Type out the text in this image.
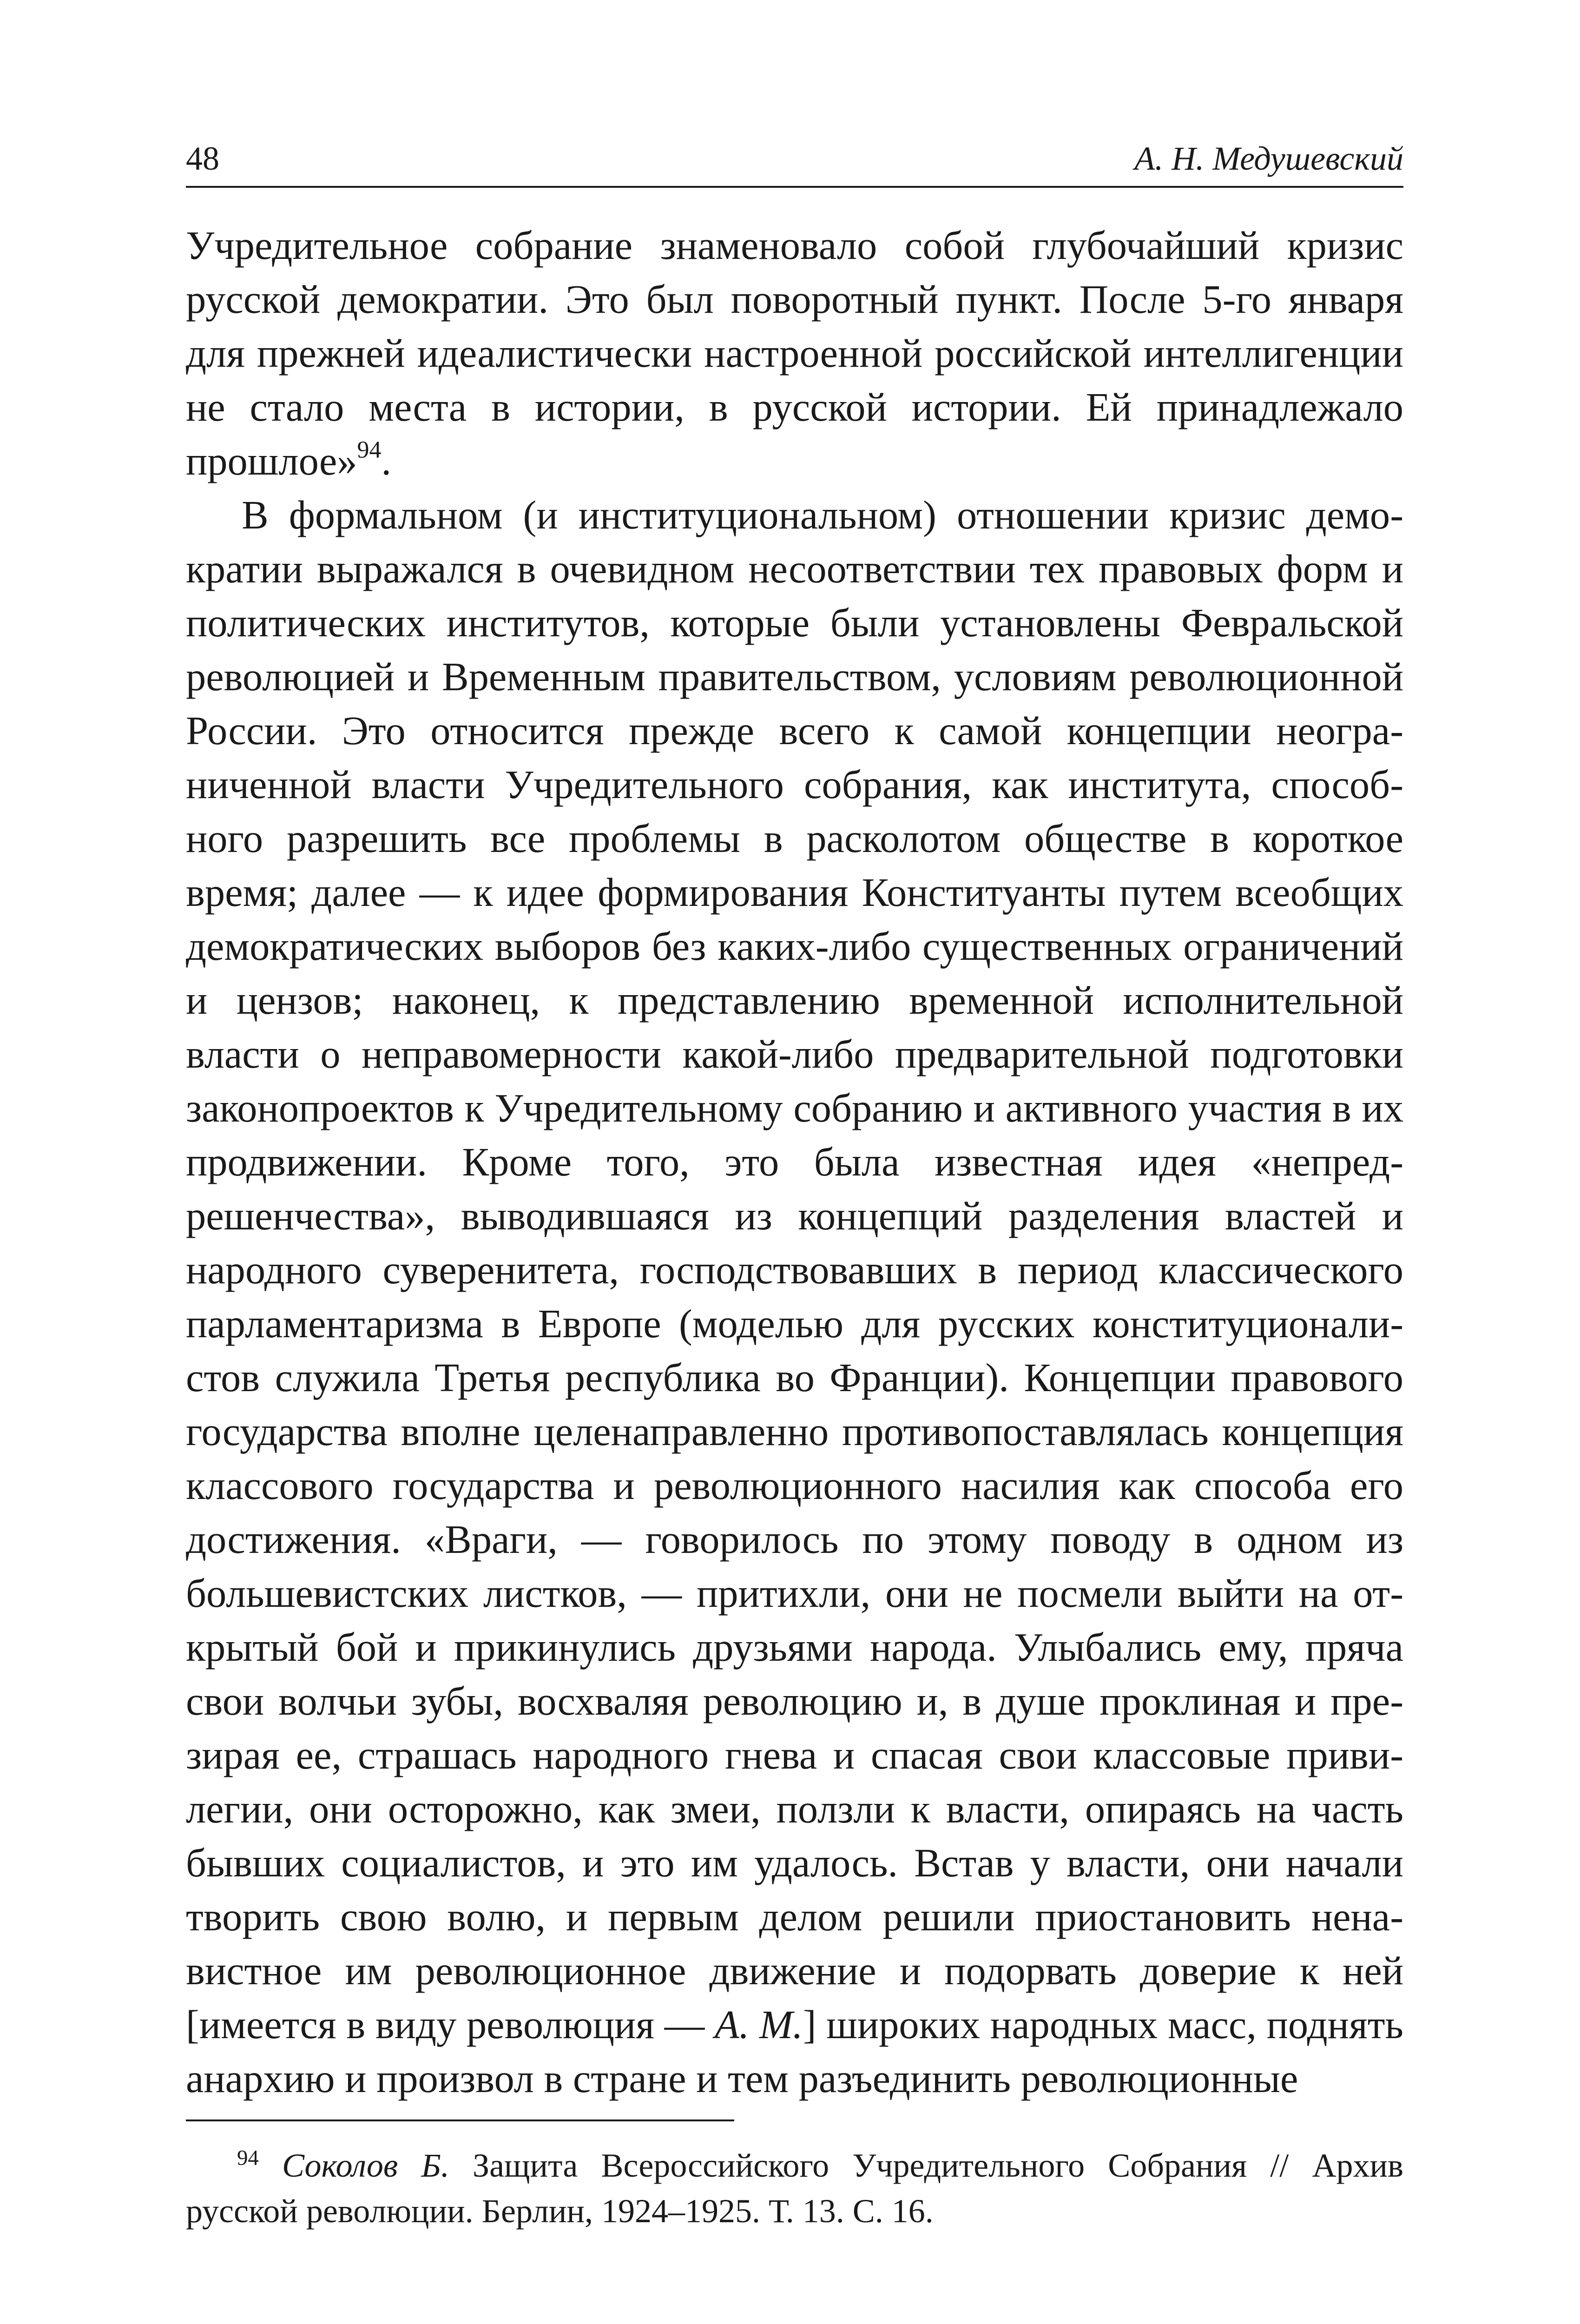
48	А. Н. Медушевский

Учредительное собрание знаменовало собой глубочайший кризис русской демократии. Это был поворотный пункт. После 5-го января для прежней идеалистически настроенной российской интеллигенции не стало места в истории, в русской истории. Ей принадлежало прошлое»$^{94}$.

В формальном (и институциональном) отношении кризис демократии выражался в очевидном несоответствии тех правовых форм и политических институтов, которые были установлены Февральской революцией и Временным правительством, условиям революционной России. Это относится прежде всего к самой концепции неограниченной власти Учредительного собрания, как института, способного разрешить все проблемы в расколотом обществе в короткое время; далее — к идее формирования Конституанты путем всеобщих демократических выборов без каких-либо существенных ограничений и цензов; наконец, к представлению временной исполнительной власти о неправомерности какой-либо предварительной подготовки законопроектов к Учредительному собранию и активного участия в их продвижении. Кроме того, это была известная идея «непредрешенчества», выводившаяся из концепций разделения властей и народного суверенитета, господствовавших в период классического парламентаризма в Европе (моделью для русских конституционалистов служила Третья республика во Франции). Концепции правового государства вполне целенаправленно противопоставлялась концепция классового государства и революционного насилия как способа его достижения. «Враги, — говорилось по этому поводу в одном из большевистских листков, — притихли, они не посмели выйти на открытый бой и прикинулись друзьями народа. Улыбались ему, пряча свои волчьи зубы, восхваляя революцию и, в душе проклиная и презирая ее, страшась народного гнева и спасая свои классовые привилегии, они осторожно, как змеи, ползли к власти, опираясь на часть бывших социалистов, и это им удалось. Встав у власти, они начали творить свою волю, и первым делом решили приостановить ненавистное им революционное движение и подорвать доверие к ней [имеется в виду революция — А. М.] широких народных масс, поднять анархию и произвол в стране и тем разъединить революционные

$^{94}$ Соколов Б. Защита Всероссийского Учредительного Собрания // Архив русской революции. Берлин, 1924–1925. Т. 13. С. 16.
